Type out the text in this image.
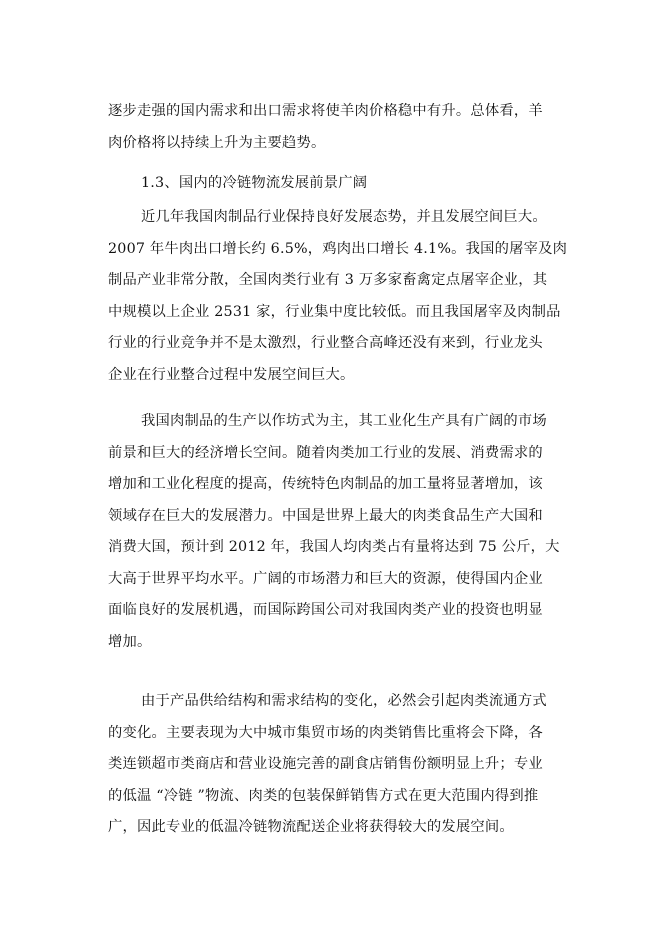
逐步走强的国内需求和出口需求将使羊肉价格稳中有升。总体看，羊
肉价格将以持续上升为主要趋势。
1.3、国内的冷链物流发展前景广阔
近几年我国肉制品行业保持良好发展态势，并且发展空间巨大。
2007 年牛肉出口增长约 6.5%，鸡肉出口增长 4.1%。我国的屠宰及肉
制品产业非常分散，全国肉类行业有 3 万多家畜禽定点屠宰企业，其
中规模以上企业 2531 家，行业集中度比较低。而且我国屠宰及肉制品
行业的行业竞争并不是太激烈，行业整合高峰还没有来到，行业龙头
企业在行业整合过程中发展空间巨大。
我国肉制品的生产以作坊式为主，其工业化生产具有广阔的市场
前景和巨大的经济增长空间。随着肉类加工行业的发展、消费需求的
增加和工业化程度的提高，传统特色肉制品的加工量将显著增加，该
领域存在巨大的发展潜力。中国是世界上最大的肉类食品生产大国和
消费大国，预计到 2012 年，我国人均肉类占有量将达到 75 公斤，大
大高于世界平均水平。广阔的市场潜力和巨大的资源，使得国内企业
面临良好的发展机遇，而国际跨国公司对我国肉类产业的投资也明显
增加。
由于产品供给结构和需求结构的变化，必然会引起肉类流通方式
的变化。主要表现为大中城市集贸市场的肉类销售比重将会下降，各
类连锁超市类商店和营业设施完善的副食店销售份额明显上升；专业
的低温 “冷链 ”物流、肉类的包装保鲜销售方式在更大范围内得到推
广，因此专业的低温冷链物流配送企业将获得较大的发展空间。
